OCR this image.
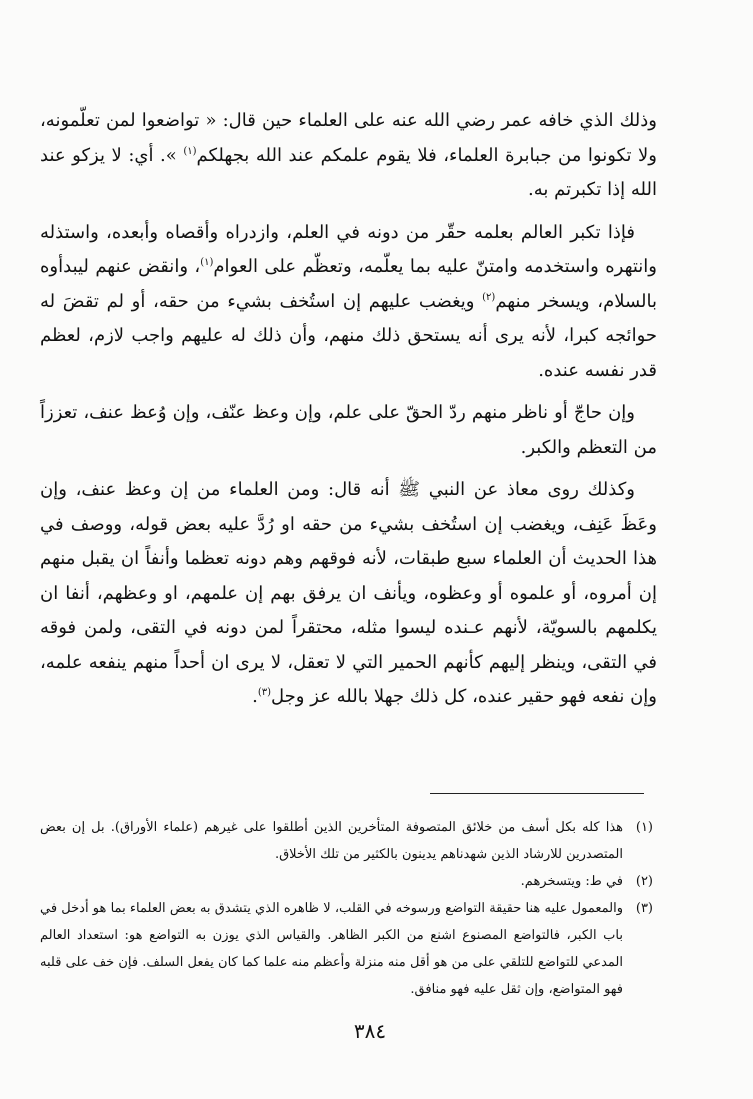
وذلك الذي خافه عمر رضي الله عنه على العلماء حين قال: « تواضعوا لمن تعلّمونه، ولا تكونوا من جبابرة العلماء، فلا يقوم علمكم عند الله بجهلكم$^{(١)}$ ». أي: لا يزكو عند الله إذا تكبرتم به.

فإذا تكبر العالم بعلمه حقّر من دونه في العلم، وازدراه وأقصاه وأبعده، واستذله وانتهره واستخدمه وامتنّ عليه بما يعلّمه، وتعظّم على العوام$^{(١)}$، وانقض عنهم ليبدأوه بالسلام، ويسخر منهم$^{(٢)}$ ويغضب عليهم إن استُخف بشيء من حقه، أو لم تقضَ له حوائجه كبرا، لأنه يرى أنه يستحق ذلك منهم، وأن ذلك له عليهم واجب لازم، لعظم قدر نفسه عنده.

وإن حاجّ أو ناظر منهم ردّ الحقّ على علم، وإن وعظ عنّف، وإن وُعظ عنف، تعززاً من التعظم والكبر.

وكذلك روى معاذ عن النبي ﷺ أنه قال: ومن العلماء من إن وعظ عنف، وإن وعَظَ عَنِف، ويغضب إن استُخف بشيء من حقه او رُدَّ عليه بعض قوله، ووصف في هذا الحديث أن العلماء سبع طبقات، لأنه فوقهم وهم دونه تعظما وأنفاً ان يقبل منهم إن أمروه، أو علموه أو وعظوه، ويأنف ان يرفق بهم إن علمهم، او وعظهم، أنفا ان يكلمهم بالسويّة، لأنهم عـنده ليسوا مثله، محتقراً لمن دونه في التقى، ولمن فوقه في التقى، وينظر إليهم كأنهم الحمير التي لا تعقل، لا يرى ان أحداً منهم ينفعه علمه، وإن نفعه فهو حقير عنده، كل ذلك جهلا بالله عز وجل$^{(٣)}$.

(١)
هذا كله بكل أسف من خلائق المتصوفة المتأخرين الذين أطلقوا على غيرهم (علماء الأوراق). بل إن بعض المتصدرين للارشاد الذين شهدناهم يدينون بالكثير من تلك الأخلاق.
(٢)
في ط: ويتسخرهم.
(٣)
والمعمول عليه هنا حقيقة التواضع ورسوخه في القلب، لا ظاهره الذي يتشدق به بعض العلماء بما هو أدخل في باب الكبر، فالتواضع المصنوع اشنع من الكبر الظاهر. والقياس الذي يوزن به التواضع هو: استعداد العالم المدعي للتواضع للتلقي على من هو أقل منه منزلة وأعظم منه علما كما كان يفعل السلف. فإن خف على قلبه فهو المتواضع، وإن ثقل عليه فهو منافق.
٣٨٤
